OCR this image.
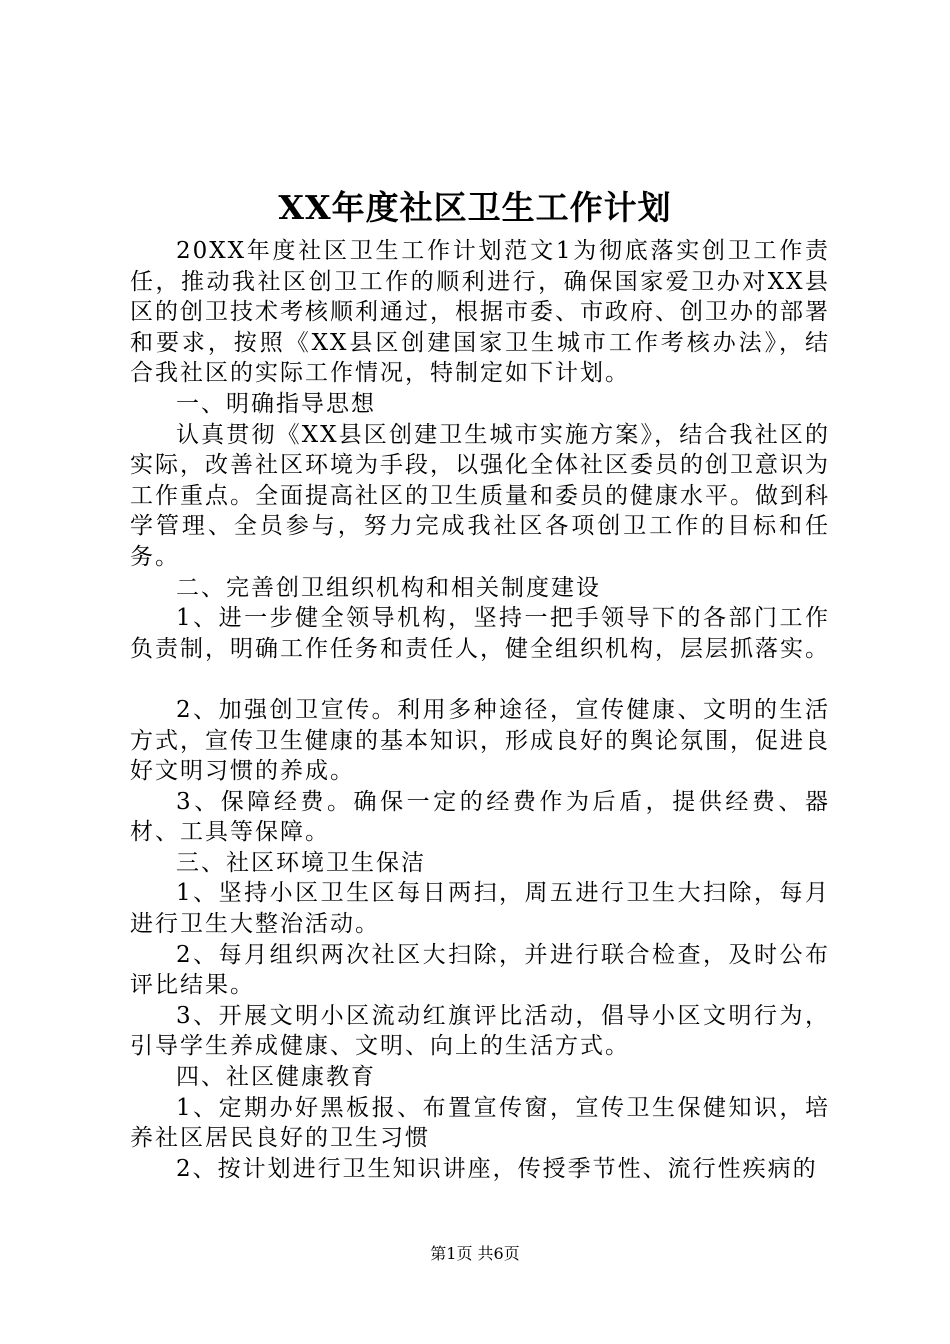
XX年度社区卫生工作计划

20XX年度社区卫生工作计划范文1为彻底落实创卫工作责任，推动我社区创卫工作的顺利进行，确保国家爱卫办对XX县区的创卫技术考核顺利通过，根据市委、市政府、创卫办的部署和要求，按照《XX县区创建国家卫生城市工作考核办法》，结合我社区的实际工作情况，特制定如下计划。

一、明确指导思想

认真贯彻《XX县区创建卫生城市实施方案》，结合我社区的实际，改善社区环境为手段，以强化全体社区委员的创卫意识为工作重点。全面提高社区的卫生质量和委员的健康水平。做到科学管理、全员参与，努力完成我社区各项创卫工作的目标和任务。

二、完善创卫组织机构和相关制度建设

1、进一步健全领导机构，坚持一把手领导下的各部门工作负责制，明确工作任务和责任人，健全组织机构，层层抓落实。

2、加强创卫宣传。利用多种途径，宣传健康、文明的生活方式，宣传卫生健康的基本知识，形成良好的舆论氛围，促进良好文明习惯的养成。

3、保障经费。确保一定的经费作为后盾，提供经费、器材、工具等保障。

三、社区环境卫生保洁

1、坚持小区卫生区每日两扫，周五进行卫生大扫除，每月进行卫生大整治活动。

2、每月组织两次社区大扫除，并进行联合检查，及时公布评比结果。

3、开展文明小区流动红旗评比活动，倡导小区文明行为，引导学生养成健康、文明、向上的生活方式。

四、社区健康教育

1、定期办好黑板报、布置宣传窗，宣传卫生保健知识，培养社区居民良好的卫生习惯

2、按计划进行卫生知识讲座，传授季节性、流行性疾病的

第1页 共6页
